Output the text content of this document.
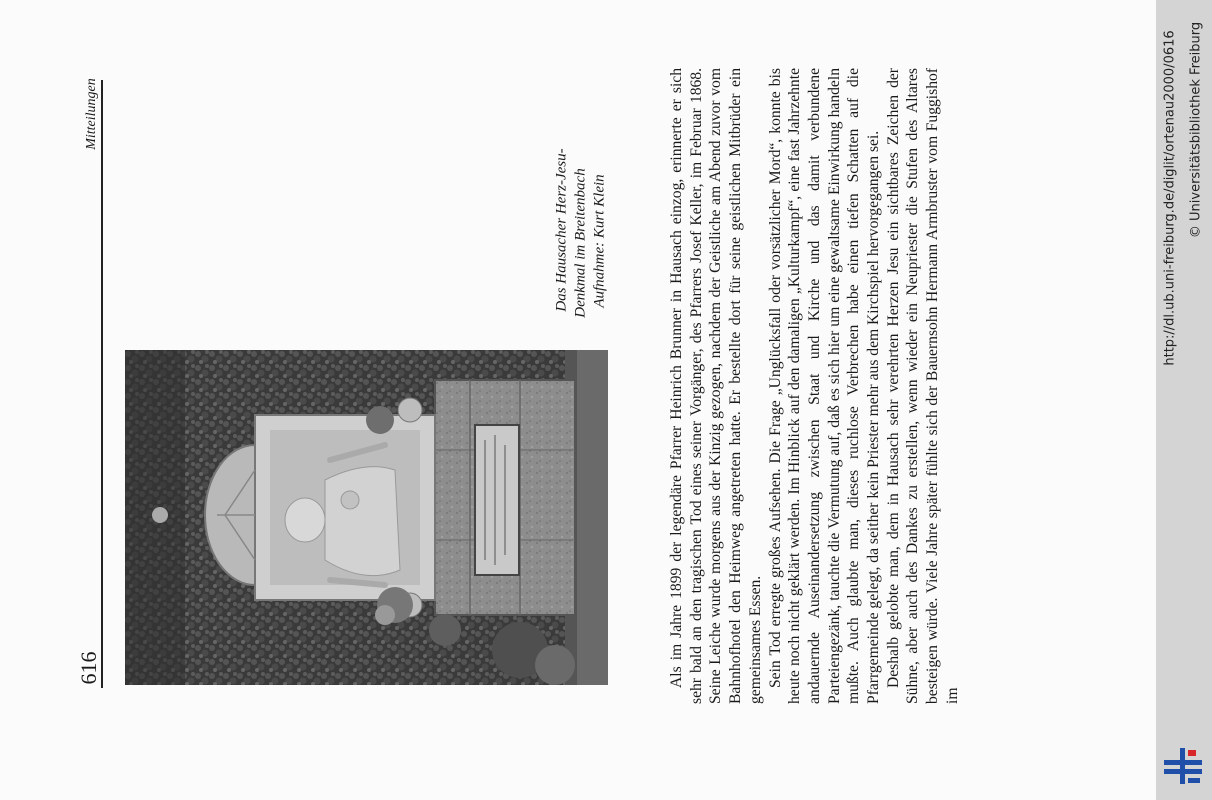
616
Mitteilungen
Das Hausacher Herz-Jesu- Denkmal im Breitenbach Aufnahme: Kurt Klein	Als im Jahre 1899 der legendäre Pfarrer Heinrich Brunner in Hausach einzog, erinnerte er sich sehr bald an den tragischen Tod eines seiner Vorgänger, des Pfarrers Josef Keller, im Februar 1868. Seine Leiche wurde morgens aus der Kinzig gezogen, nachdem der Geistliche am Abend zuvor vom Bahnhofhotel den Heimweg angetreten hatte. Er bestellte dort für seine geistlichen Mitbrüder ein gemeinsames Essen. Sein Tod erregte großes Aufsehen. Die Frage „Unglücksfall oder vorsätzlicher Mord“, konnte bis heute noch nicht geklärt werden. Im Hinblick auf den damaligen „Kulturkampf“, eine fast Jahrzehnte andauernde Auseinandersetzung zwischen Staat und Kirche und das damit verbundene Parteiengezänk, tauchte die Vermutung auf, daß es sich hier um eine gewaltsame Einwirkung handeln mußte. Auch glaubte man, dieses ruchlose Verbrechen habe einen tiefen Schatten auf die Pfarrgemeinde gelegt, da seither kein Priester mehr aus dem Kirchspiel hervorgegangen sei. Deshalb gelobte man, dem in Hausach sehr verehrten Herzen Jesu ein sichtbares Zeichen der Sühne, aber auch des Dankes zu erstellen, wenn wieder ein Neupriester die Stufen des Altares besteigen würde. Viele Jahre später fühlte sich der Bauernsohn Hermann Armbruster vom Fuggishof im

http://dl.ub.uni-freiburg.de/diglit/ortenau2000/0616 © Universitätsbibliothek Freiburg
